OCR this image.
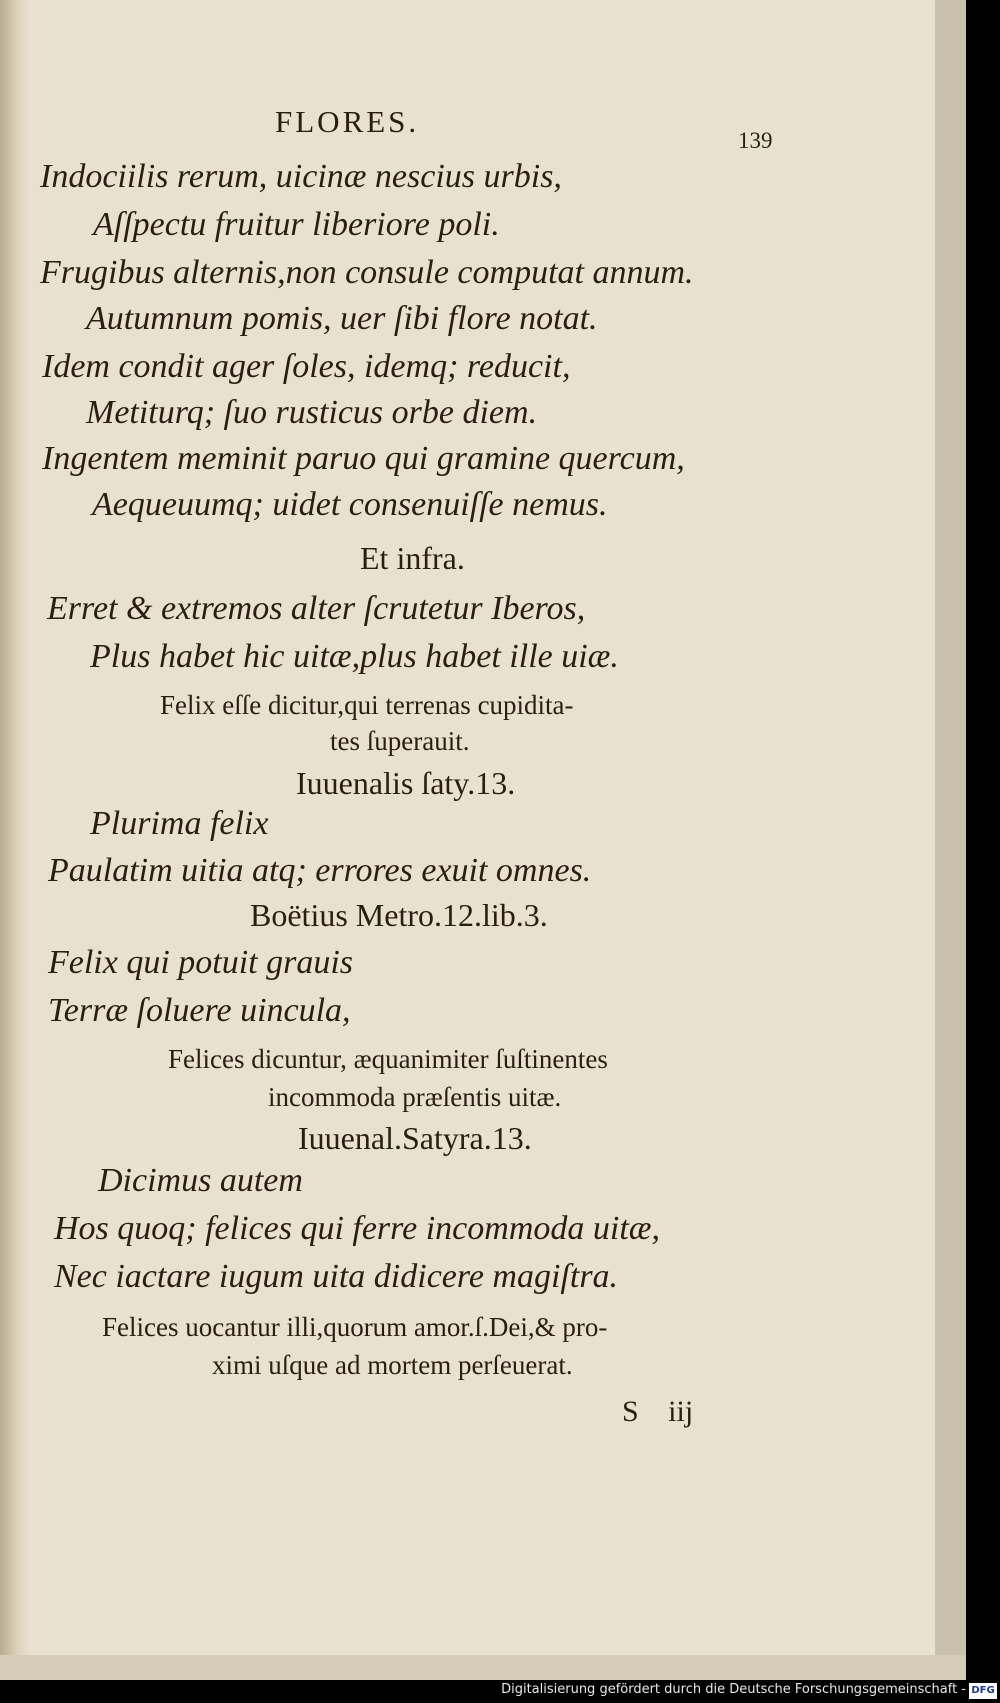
FLORES.
139
Indociilis rerum, uicinæ nescius urbis,
Aſſpectu fruitur liberiore poli.
Frugibus alternis,non consule computat annum.
Autumnum pomis, uer ſibi flore notat.
Idem condit ager ſoles, idemq; reducit,
Metiturq; ſuo rusticus orbe diem.
Ingentem meminit paruo qui gramine quercum,
Aequeuumq; uidet consenuiſſe nemus.
Et infra.
Erret & extremos alter ſcrutetur Iberos,
Plus habet hic uitæ,plus habet ille uiæ.
Felix eſſe dicitur,qui terrenas cupidita-
tes ſuperauit.
Iuuenalis ſaty.13.
Plurima felix
Paulatim uitia atq; errores exuit omnes.
Boëtius Metro.12.lib.3.
Felix qui potuit grauis
Terræ ſoluere uincula,
Felices dicuntur, æquanimiter ſuſtinentes
incommoda præſentis uitæ.
Iuuenal.Satyra.13.
Dicimus autem
Hos quoq; felices qui ferre incommoda uitæ,
Nec iactare iugum uita didicere magiſtra.
Felices uocantur illi,quorum amor.ſ.Dei,& pro-
ximi uſque ad mortem perſeuerat.
S iij
Digitalisierung gefördert durch die Deutsche Forschungsgemeinschaft - DFG
